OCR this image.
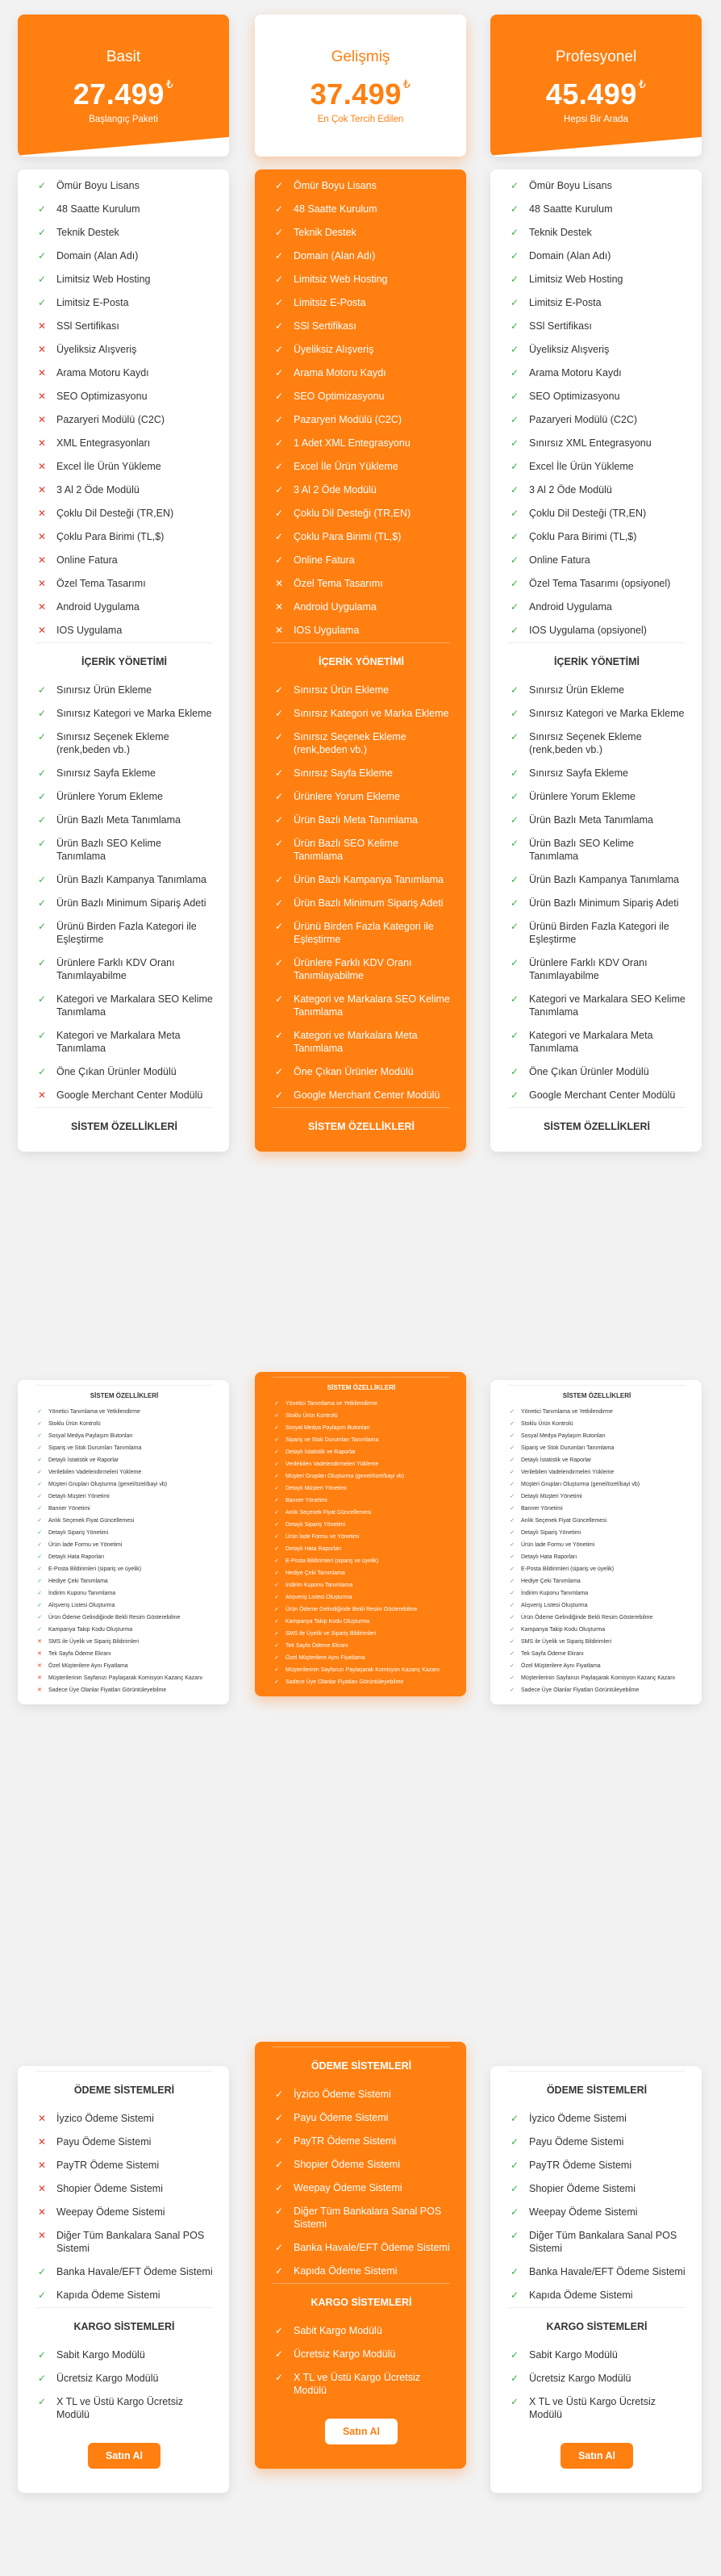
Basit
27.499 ₺
Başlangıç Paketi
✓ Ömür Boyu Lisans
✓ 48 Saatte Kurulum
✓ Teknik Destek
✓ Domain (Alan Adı)
✓ Limitsiz Web Hosting
✓ Limitsiz E-Posta
✕ SSl Sertifikası
✕ Üyeliksiz Alışveriş
✕ Arama Motoru Kaydı
✕ SEO Optimizasyonu
✕ Pazaryeri Modülü (C2C)
✕ XML Entegrasyonları
✕ Excel İle Ürün Yükleme
✕ 3 Al 2 Öde Modülü
✕ Çoklu Dil Desteği (TR,EN)
✕ Çoklu Para Birimi (TL,$)
✕ Online Fatura
✕ Özel Tema Tasarımı
✕ Android Uygulama
✕ IOS Uygulama
İÇERİK YÖNETİMİ
✓ Sınırsız Ürün Ekleme
✓ Sınırsız Kategori ve Marka Ekleme
✓ Sınırsız Seçenek Ekleme (renk,beden vb.)
✓ Sınırsız Sayfa Ekleme
✓ Ürünlere Yorum Ekleme
✓ Ürün Bazlı Meta Tanımlama
✓ Ürün Bazlı SEO Kelime Tanımlama
✓ Ürün Bazlı Kampanya Tanımlama
✓ Ürün Bazlı Minimum Sipariş Adeti
✓ Ürünü Birden Fazla Kategori ile Eşleştirme
✓ Ürünlere Farklı KDV Oranı Tanımlayabilme
✓ Kategori ve Markalara SEO Kelime Tanımlama
✓ Kategori ve Markalara Meta Tanımlama
✓ Öne Çıkan Ürünler Modülü
✕ Google Merchant Center Modülü
SİSTEM ÖZELLİKLERİ
SİSTEM ÖZELLİKLERİ
✓ Yönetici Tanımlama ve Yetkilendirme
✓ Stoklu Ürün Kontrolü
✓ Sosyal Medya Paylaşım Butonları
✓ Sipariş ve Stok Durumları Tanımlama
✓ Detaylı İstatistik ve Raporlar
✓ Verilebilen Vadelendirmeleri Yükleme
✓ Müşteri Grupları Oluşturma (genel/özel/bayi vb)
✓ Detaylı Müşteri Yönetimi
✓ Banner Yönetimi
✓ Anlık Seçenek Fiyat Güncellemesi
✓ Detaylı Sipariş Yönetimi
✓ Ürün İade Formu ve Yönetimi
✓ Detaylı Hata Raporları
✓ E-Posta Bildirimleri (sipariş ve üyelik)
✓ Hediye Çeki Tanımlama
✓ İndirim Kuponu Tanımlama
✓ Alışveriş Listesi Oluşturma
✓ Ürün Ödeme Gelindiğinde Bekli Resim Gösterebilme
✓ Kampanya Takip Kodu Oluşturma
✕ SMS ile Üyelik ve Sipariş Bildirimleri
✕ Tek Sayfa Ödeme Ekranı
✕ Özel Müşterilere Aynı Fiyatlama
✕ Müşterilerinin Sayfanızı Paylaşarak Komisyon Kazanç Kazanı
✕ Sadece Üye Olanlar Fiyatları Görüntüleyebilme
ÖDEME SİSTEMLERİ
✕ İyzico Ödeme Sistemi
✕ Payu Ödeme Sistemi
✕ PayTR Ödeme Sistemi
✕ Shopier Ödeme Sistemi
✕ Weepay Ödeme Sistemi
✕ Diğer Tüm Bankalara Sanal POS Sistemi
✓ Banka Havale/EFT Ödeme Sistemi
✓ Kapıda Ödeme Sistemi
KARGO SİSTEMLERİ
✓ Sabit Kargo Modülü
✓ Ücretsiz Kargo Modülü
✓ X TL ve Üstü Kargo Ücretsiz Modülü
Satın Al
Gelişmiş
37.499 ₺
En Çok Tercih Edilen
✓ Ömür Boyu Lisans
✓ 48 Saatte Kurulum
✓ Teknik Destek
✓ Domain (Alan Adı)
✓ Limitsiz Web Hosting
✓ Limitsiz E-Posta
✓ SSl Sertifikası
✓ Üyeliksiz Alışveriş
✓ Arama Motoru Kaydı
✓ SEO Optimizasyonu
✓ Pazaryeri Modülü (C2C)
✓ 1 Adet XML Entegrasyonu
✓ Excel İle Ürün Yükleme
✓ 3 Al 2 Öde Modülü
✓ Çoklu Dil Desteği (TR,EN)
✓ Çoklu Para Birimi (TL,$)
✓ Online Fatura
✕ Özel Tema Tasarımı
✕ Android Uygulama
✕ IOS Uygulama
İÇERİK YÖNETİMİ
✓ Sınırsız Ürün Ekleme
✓ Sınırsız Kategori ve Marka Ekleme
✓ Sınırsız Seçenek Ekleme (renk,beden vb.)
✓ Sınırsız Sayfa Ekleme
✓ Ürünlere Yorum Ekleme
✓ Ürün Bazlı Meta Tanımlama
✓ Ürün Bazlı SEO Kelime Tanımlama
✓ Ürün Bazlı Kampanya Tanımlama
✓ Ürün Bazlı Minimum Sipariş Adeti
✓ Ürünü Birden Fazla Kategori ile Eşleştirme
✓ Ürünlere Farklı KDV Oranı Tanımlayabilme
✓ Kategori ve Markalara SEO Kelime Tanımlama
✓ Kategori ve Markalara Meta Tanımlama
✓ Öne Çıkan Ürünler Modülü
✓ Google Merchant Center Modülü
SİSTEM ÖZELLİKLERİ
SİSTEM ÖZELLİKLERİ
✓ Yönetici Tanımlama ve Yetkilendirme
✓ Stoklu Ürün Kontrolü
✓ Sosyal Medya Paylaşım Butonları
✓ Sipariş ve Stok Durumları Tanımlama
✓ Detaylı İstatistik ve Raporlar
✓ Verilebilen Vadelendirmeleri Yükleme
✓ Müşteri Grupları Oluşturma (genel/özel/bayi vb)
✓ Detaylı Müşteri Yönetimi
✓ Banner Yönetimi
✓ Anlık Seçenek Fiyat Güncellemesi
✓ Detaylı Sipariş Yönetimi
✓ Ürün İade Formu ve Yönetimi
✓ Detaylı Hata Raporları
✓ E-Posta Bildirimleri (sipariş ve üyelik)
✓ Hediye Çeki Tanımlama
✓ İndirim Kuponu Tanımlama
✓ Alışveriş Listesi Oluşturma
✓ Ürün Ödeme Gelindiğinde Bekli Resim Gösterebilme
✓ Kampanya Takip Kodu Oluşturma
✓ SMS ile Üyelik ve Sipariş Bildirimleri
✓ Tek Sayfa Ödeme Ekranı
✓ Özel Müşterilere Aynı Fiyatlama
✓ Müşterilerinin Sayfanızı Paylaşarak Komisyon Kazanç Kazanı
✓ Sadece Üye Olanlar Fiyatları Görüntüleyebilme
ÖDEME SİSTEMLERİ
✓ İyzico Ödeme Sistemi
✓ Payu Ödeme Sistemi
✓ PayTR Ödeme Sistemi
✓ Shopier Ödeme Sistemi
✓ Weepay Ödeme Sistemi
✓ Diğer Tüm Bankalara Sanal POS Sistemi
✓ Banka Havale/EFT Ödeme Sistemi
✓ Kapıda Ödeme Sistemi
KARGO SİSTEMLERİ
✓ Sabit Kargo Modülü
✓ Ücretsiz Kargo Modülü
✓ X TL ve Üstü Kargo Ücretsiz Modülü
Satın Al
Profesyonel
45.499 ₺
Hepsi Bir Arada
✓ Ömür Boyu Lisans
✓ 48 Saatte Kurulum
✓ Teknik Destek
✓ Domain (Alan Adı)
✓ Limitsiz Web Hosting
✓ Limitsiz E-Posta
✓ SSl Sertifikası
✓ Üyeliksiz Alışveriş
✓ Arama Motoru Kaydı
✓ SEO Optimizasyonu
✓ Pazaryeri Modülü (C2C)
✓ Sınırsız XML Entegrasyonu
✓ Excel İle Ürün Yükleme
✓ 3 Al 2 Öde Modülü
✓ Çoklu Dil Desteği (TR,EN)
✓ Çoklu Para Birimi (TL,$)
✓ Online Fatura
✓ Özel Tema Tasarımı (opsiyonel)
✓ Android Uygulama
✓ IOS Uygulama (opsiyonel)
İÇERİK YÖNETİMİ
✓ Sınırsız Ürün Ekleme
✓ Sınırsız Kategori ve Marka Ekleme
✓ Sınırsız Seçenek Ekleme (renk,beden vb.)
✓ Sınırsız Sayfa Ekleme
✓ Ürünlere Yorum Ekleme
✓ Ürün Bazlı Meta Tanımlama
✓ Ürün Bazlı SEO Kelime Tanımlama
✓ Ürün Bazlı Kampanya Tanımlama
✓ Ürün Bazlı Minimum Sipariş Adeti
✓ Ürünü Birden Fazla Kategori ile Eşleştirme
✓ Ürünlere Farklı KDV Oranı Tanımlayabilme
✓ Kategori ve Markalara SEO Kelime Tanımlama
✓ Kategori ve Markalara Meta Tanımlama
✓ Öne Çıkan Ürünler Modülü
✓ Google Merchant Center Modülü
SİSTEM ÖZELLİKLERİ
SİSTEM ÖZELLİKLERİ
✓ Yönetici Tanımlama ve Yetkilendirme
✓ Stoklu Ürün Kontrolü
✓ Sosyal Medya Paylaşım Butonları
✓ Sipariş ve Stok Durumları Tanımlama
✓ Detaylı İstatistik ve Raporlar
✓ Verilebilen Vadelendirmeleri Yükleme
✓ Müşteri Grupları Oluşturma (genel/özel/bayi vb)
✓ Detaylı Müşteri Yönetimi
✓ Banner Yönetimi
✓ Anlık Seçenek Fiyat Güncellemesi
✓ Detaylı Sipariş Yönetimi
✓ Ürün İade Formu ve Yönetimi
✓ Detaylı Hata Raporları
✓ E-Posta Bildirimleri (sipariş ve üyelik)
✓ Hediye Çeki Tanımlama
✓ İndirim Kuponu Tanımlama
✓ Alışveriş Listesi Oluşturma
✓ Ürün Ödeme Gelindiğinde Bekli Resim Gösterebilme
✓ Kampanya Takip Kodu Oluşturma
✓ SMS ile Üyelik ve Sipariş Bildirimleri
✓ Tek Sayfa Ödeme Ekranı
✓ Özel Müşterilere Aynı Fiyatlama
✓ Müşterilerinin Sayfanızı Paylaşarak Komisyon Kazanç Kazanı
✓ Sadece Üye Olanlar Fiyatları Görüntüleyebilme
ÖDEME SİSTEMLERİ
✓ İyzico Ödeme Sistemi
✓ Payu Ödeme Sistemi
✓ PayTR Ödeme Sistemi
✓ Shopier Ödeme Sistemi
✓ Weepay Ödeme Sistemi
✓ Diğer Tüm Bankalara Sanal POS Sistemi
✓ Banka Havale/EFT Ödeme Sistemi
✓ Kapıda Ödeme Sistemi
KARGO SİSTEMLERİ
✓ Sabit Kargo Modülü
✓ Ücretsiz Kargo Modülü
✓ X TL ve Üstü Kargo Ücretsiz Modülü
Satın Al
